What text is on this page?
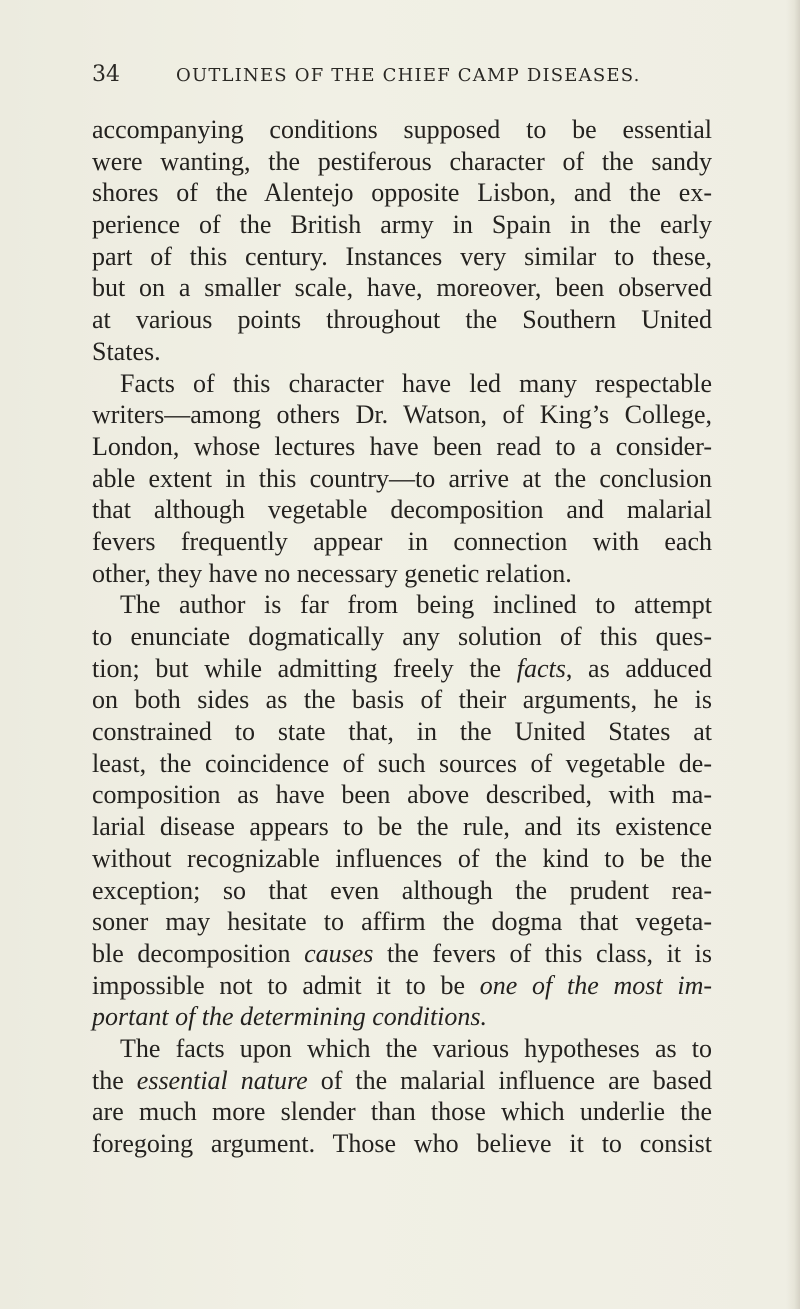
34	OUTLINES OF THE CHIEF CAMP DISEASES.
accompanying conditions supposed to be essential
were wanting, the pestiferous character of the sandy
shores of the Alentejo opposite Lisbon, and the ex-
perience of the British army in Spain in the early
part of this century. Instances very similar to these,
but on a smaller scale, have, moreover, been observed
at various points throughout the Southern United
States.
Facts of this character have led many respectable
writers—among others Dr. Watson, of King’s College,
London, whose lectures have been read to a consider-
able extent in this country—to arrive at the conclusion
that although vegetable decomposition and malarial
fevers frequently appear in connection with each
other, they have no necessary genetic relation.
The author is far from being inclined to attempt
to enunciate dogmatically any solution of this ques-
tion; but while admitting freely the facts, as adduced
on both sides as the basis of their arguments, he is
constrained to state that, in the United States at
least, the coincidence of such sources of vegetable de-
composition as have been above described, with ma-
larial disease appears to be the rule, and its existence
without recognizable influences of the kind to be the
exception; so that even although the prudent rea-
soner may hesitate to affirm the dogma that vegeta-
ble decomposition causes the fevers of this class, it is
impossible not to admit it to be one of the most im-
portant of the determining conditions.
The facts upon which the various hypotheses as to
the essential nature of the malarial influence are based
are much more slender than those which underlie the
foregoing argument. Those who believe it to consist
